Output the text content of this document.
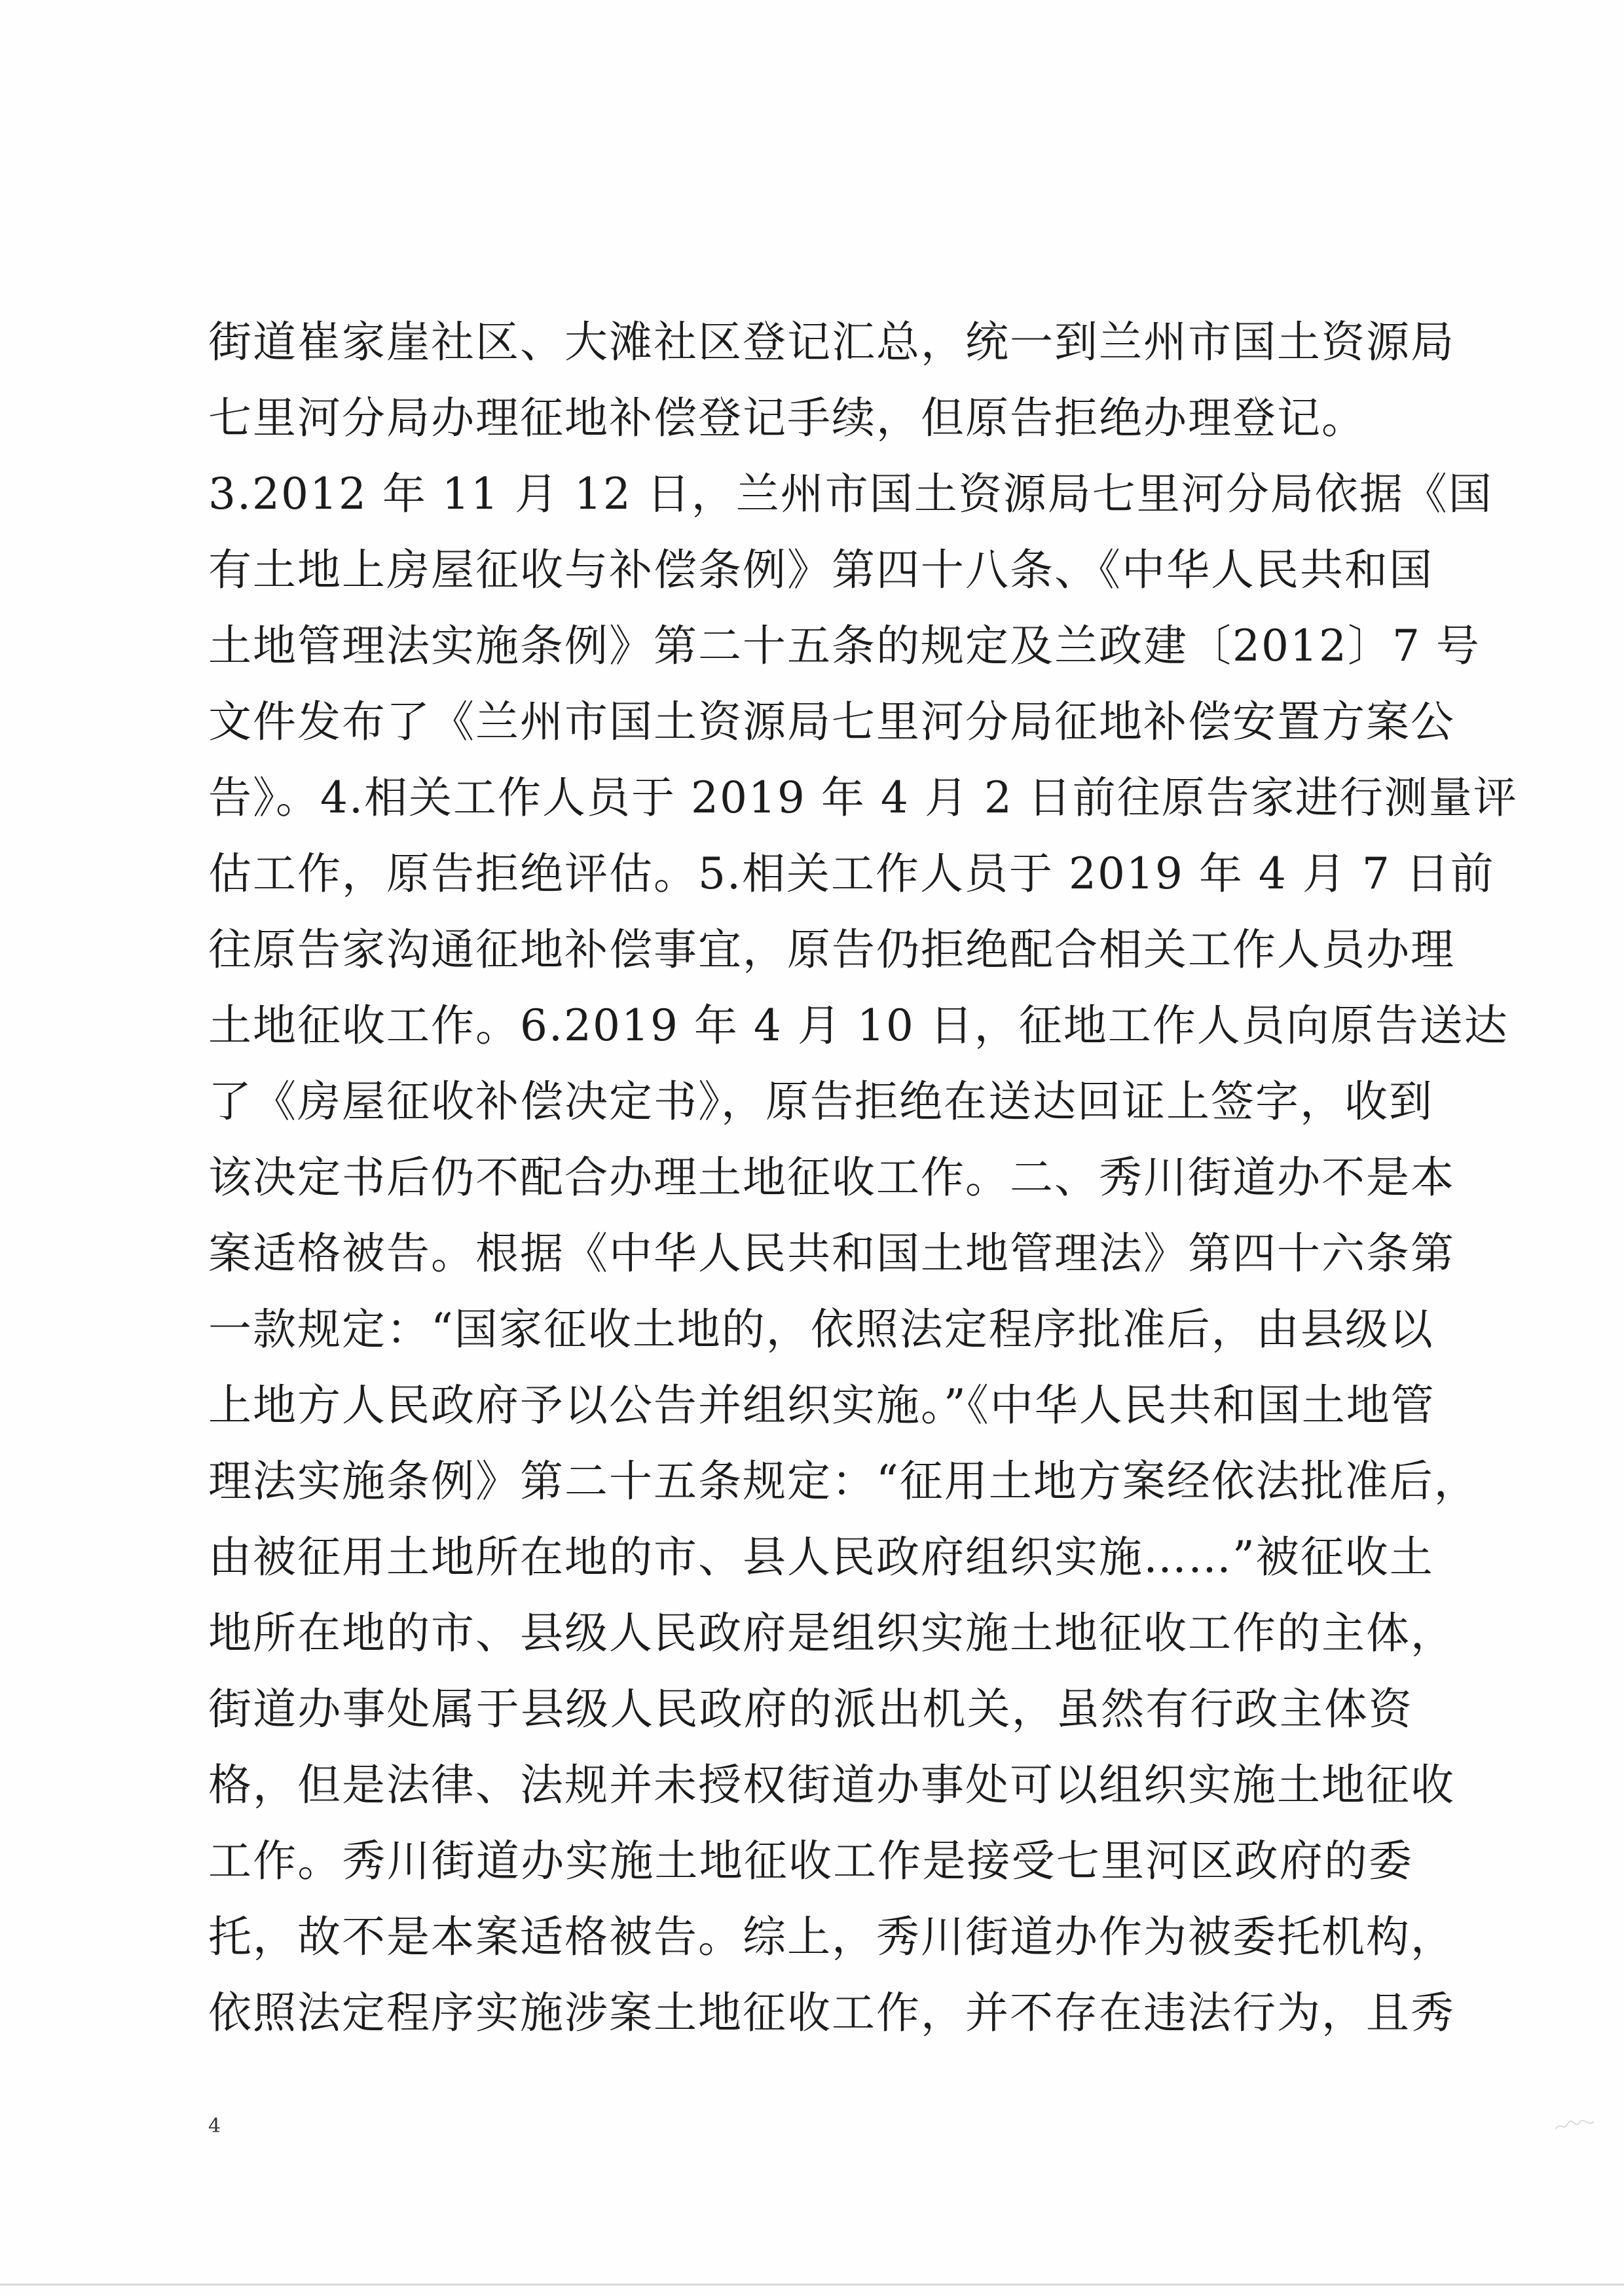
街道崔家崖社区、大滩社区登记汇总，统一到兰州市国土资源局
七里河分局办理征地补偿登记手续，但原告拒绝办理登记。
3.2012 年 11 月 12 日，兰州市国土资源局七里河分局依据《国
有土地上房屋征收与补偿条例》第四十八条、《中华人民共和国
土地管理法实施条例》第二十五条的规定及兰政建〔2012〕7 号
文件发布了《兰州市国土资源局七里河分局征地补偿安置方案公
告》。4.相关工作人员于 2019 年 4 月 2 日前往原告家进行测量评
估工作，原告拒绝评估。5.相关工作人员于 2019 年 4 月 7 日前
往原告家沟通征地补偿事宜，原告仍拒绝配合相关工作人员办理
土地征收工作。6.2019 年 4 月 10 日，征地工作人员向原告送达
了《房屋征收补偿决定书》，原告拒绝在送达回证上签字，收到
该决定书后仍不配合办理土地征收工作。二、秀川街道办不是本
案适格被告。根据《中华人民共和国土地管理法》第四十六条第
一款规定：“国家征收土地的，依照法定程序批准后，由县级以
上地方人民政府予以公告并组织实施。”《中华人民共和国土地管
理法实施条例》第二十五条规定：“征用土地方案经依法批准后，
由被征用土地所在地的市、县人民政府组织实施……”被征收土
地所在地的市、县级人民政府是组织实施土地征收工作的主体，
街道办事处属于县级人民政府的派出机关，虽然有行政主体资
格，但是法律、法规并未授权街道办事处可以组织实施土地征收
工作。秀川街道办实施土地征收工作是接受七里河区政府的委
托，故不是本案适格被告。综上，秀川街道办作为被委托机构，
依照法定程序实施涉案土地征收工作，并不存在违法行为，且秀
4
